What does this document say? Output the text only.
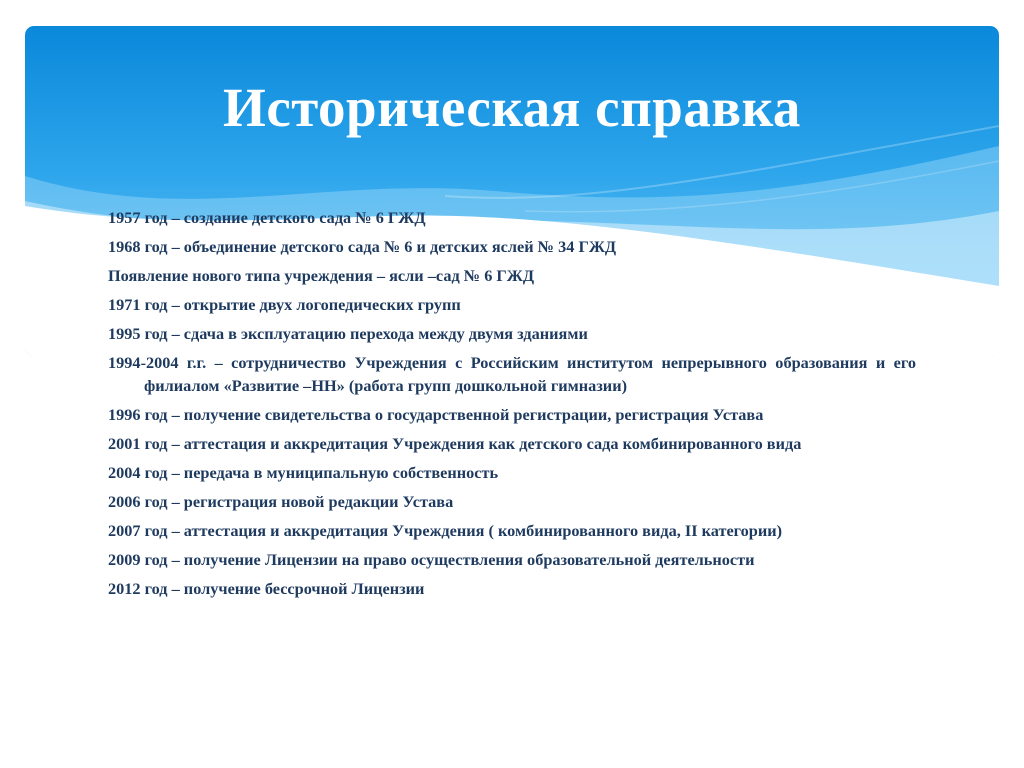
Историческая справка
1957 год – создание детского сада № 6 ГЖД
1968 год – объединение детского сада № 6 и детских яслей № 34 ГЖД
Появление нового типа учреждения – ясли –сад № 6 ГЖД
1971 год – открытие двух логопедических групп
1995 год – сдача в эксплуатацию перехода между двумя зданиями
1994-2004 г.г. – сотрудничество Учреждения с Российским институтом непрерывного образования и его филиалом «Развитие –НН» (работа групп дошкольной гимназии)
1996 год – получение свидетельства о государственной регистрации, регистрация Устава
2001 год – аттестация и аккредитация Учреждения как детского сада комбинированного вида
2004 год – передача в муниципальную собственность
2006 год – регистрация новой редакции Устава
2007 год – аттестация и аккредитация Учреждения ( комбинированного вида, II категории)
2009 год – получение Лицензии на право осуществления образовательной деятельности
2012 год – получение бессрочной Лицензии
